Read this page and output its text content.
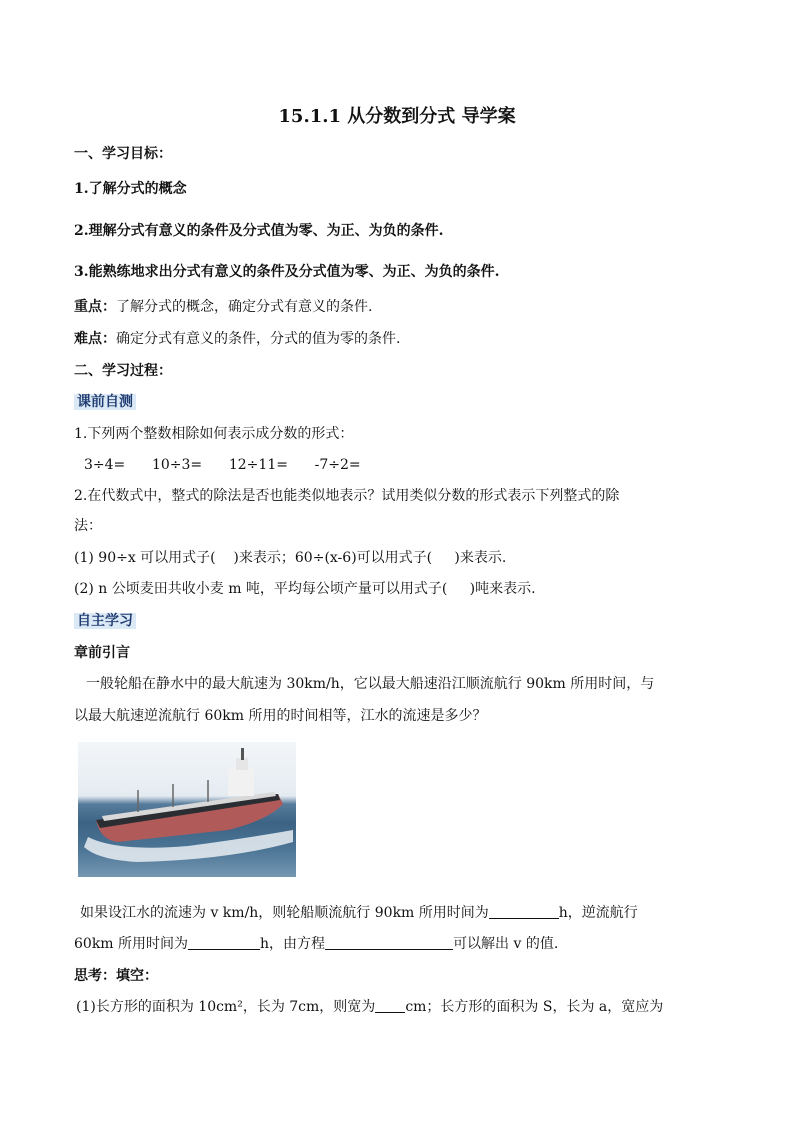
15.1.1 从分数到分式 导学案
一、学习目标：
1.了解分式的概念
2.理解分式有意义的条件及分式值为零、为正、为负的条件.
3.能熟练地求出分式有意义的条件及分式值为零、为正、为负的条件.
重点：了解分式的概念，确定分式有意义的条件.
难点：确定分式有意义的条件，分式的值为零的条件.
二、学习过程：
课前自测
1.下列两个整数相除如何表示成分数的形式：
3÷4=      10÷3=      12÷11=      -7÷2=
2.在代数式中，整式的除法是否也能类似地表示？试用类似分数的形式表示下列整式的除
法：
(1) 90÷x 可以用式子(    )来表示；60÷(x-6)可以用式子(     )来表示.
(2) n 公顷麦田共收小麦 m 吨，平均每公顷产量可以用式子(     )吨来表示.
自主学习
章前引言
一般轮船在静水中的最大航速为 30km/h，它以最大船速沿江顺流航行 90km 所用时间，与
以最大航速逆流航行 60km 所用的时间相等，江水的流速是多少？
如果设江水的流速为 v km/h，则轮船顺流航行 90km 所用时间为	h，逆流航行
60km 所用时间为	h，由方程	可以解出 v 的值.
思考：填空：
(1)长方形的面积为 10cm²，长为 7cm，则宽为 cm；长方形的面积为 S，长为 a，宽应为
